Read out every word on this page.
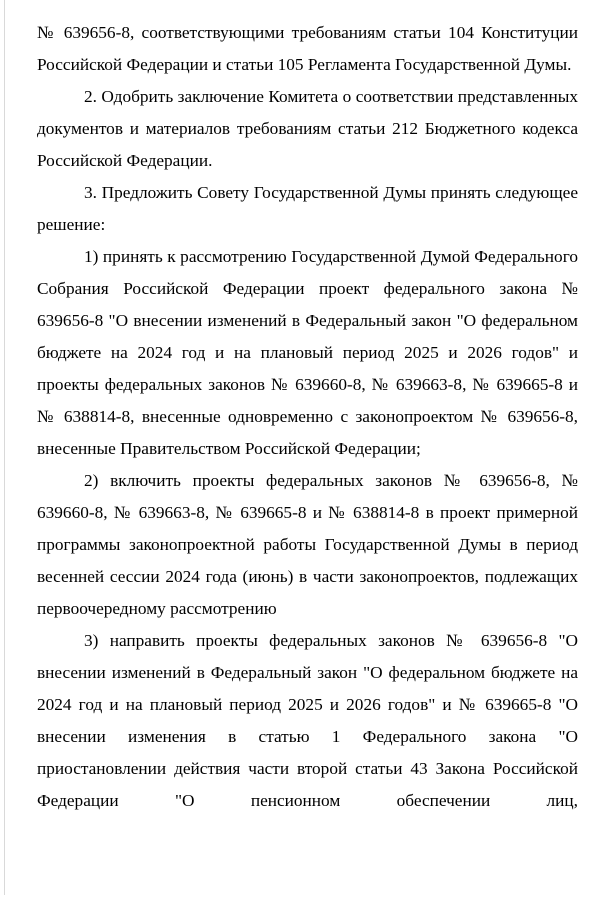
№ 639656-8, соответствующими требованиям статьи 104 Конституции Российской Федерации и статьи 105 Регламента Государственной Думы.

2. Одобрить заключение Комитета о соответствии представленных документов и материалов требованиям статьи 212 Бюджетного кодекса Российской Федерации.

3. Предложить Совету Государственной Думы принять следующее решение:

1) принять к рассмотрению Государственной Думой Федерального Собрания Российской Федерации проект федерального закона № 639656-8 "О внесении изменений в Федеральный закон "О федеральном бюджете на 2024 год и на плановый период 2025 и 2026 годов" и проекты федеральных законов № 639660-8, № 639663-8, № 639665-8 и № 638814-8, внесенные одновременно с законопроектом № 639656-8, внесенные Правительством Российской Федерации;

2) включить проекты федеральных законов № 639656-8, № 639660-8, № 639663-8, № 639665-8 и № 638814-8 в проект примерной программы законопроектной работы Государственной Думы в период весенней сессии 2024 года (июнь) в части законопроектов, подлежащих первоочередному рассмотрению

3) направить проекты федеральных законов № 639656-8 "О внесении изменений в Федеральный закон "О федеральном бюджете на 2024 год и на плановый период 2025 и 2026 годов" и № 639665-8 "О внесении изменения в статью 1 Федерального закона "О приостановлении действия части второй статьи 43 Закона Российской Федерации "О пенсионном обеспечении лиц,
